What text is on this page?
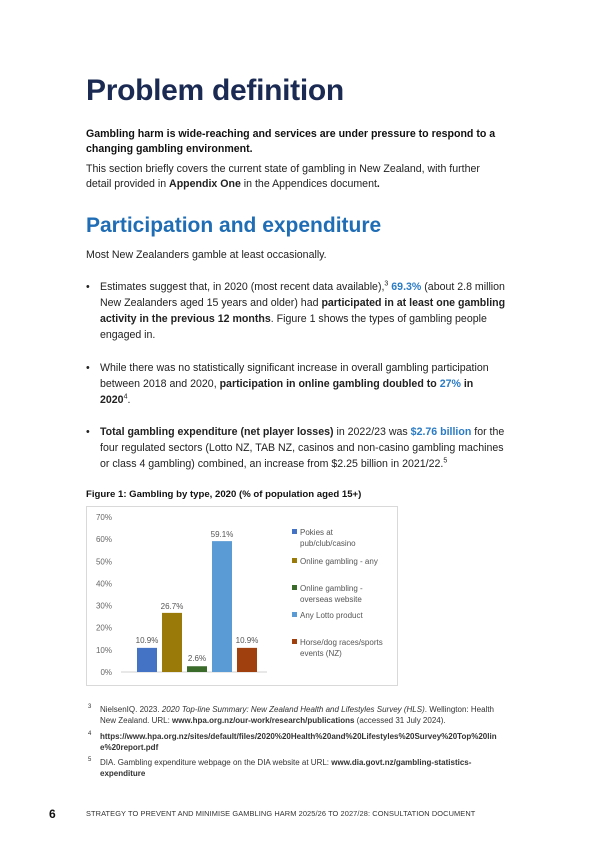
Problem definition
Gambling harm is wide-reaching and services are under pressure to respond to a changing gambling environment.
This section briefly covers the current state of gambling in New Zealand, with further detail provided in Appendix One in the Appendices document.
Participation and expenditure
Most New Zealanders gamble at least occasionally.
• Estimates suggest that, in 2020 (most recent data available),$^3$ 69.3% (about 2.8 million New Zealanders aged 15 years and older) had participated in at least one gambling activity in the previous 12 months. Figure 1 shows the types of gambling people engaged in.
• While there was no statistically significant increase in overall gambling participation between 2018 and 2020, participation in online gambling doubled to 27% in 2020$^4$.
• Total gambling expenditure (net player losses) in 2022/23 was $2.76 billion for the four regulated sectors (Lotto NZ, TAB NZ, casinos and non-casino gambling machines or class 4 gambling) combined, an increase from $2.25 billion in 2021/22.$^5$
Figure 1: Gambling by type, 2020 (% of population aged 15+)
0%
10%
20%
30%
40%
50%
60%
70%
10.9%
26.7%
2.6%
59.1%
10.9%
Pokies at pub/club/casino
Online gambling - any
Online gambling -overseas website
Any Lotto product
Horse/dog races/sports events (NZ)
3 NielsenIQ. 2023. 2020 Top-line Summary: New Zealand Health and Lifestyles Survey (HLS). Wellington: Health New Zealand. URL: www.hpa.org.nz/our-work/research/publications (accessed 31 July 2024).
4 https://www.hpa.org.nz/sites/default/files/2020%20Health%20and%20Lifestyles%20Survey%20Top%20line%20report.pdf
5 DIA. Gambling expenditure webpage on the DIA website at URL: www.dia.govt.nz/gambling-statistics-expenditure
6	STRATEGY TO PREVENT AND MINIMISE GAMBLING HARM 2025/26 TO 2027/28: CONSULTATION DOCUMENT
